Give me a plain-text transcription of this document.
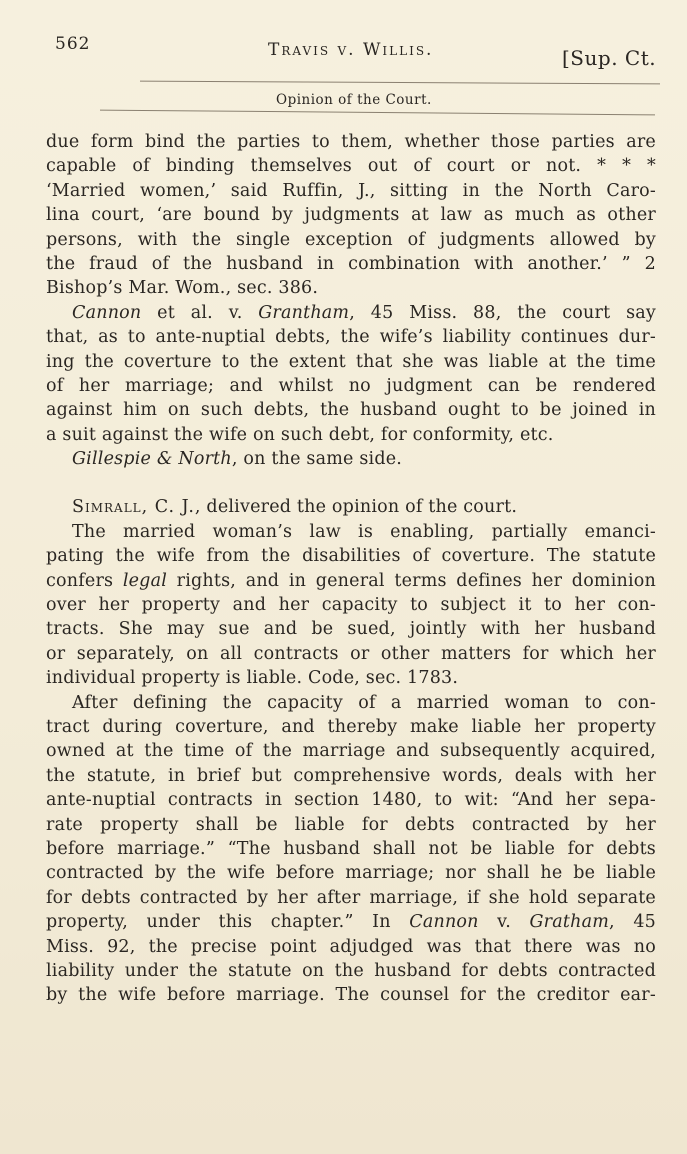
562	Travis v. Willis.	[Sup. Ct.
Opinion of the Court.
due form bind the parties to them, whether those parties are
capable of binding themselves out of court or not. * * *
‘Married women,’ said Ruffin, J., sitting in the North Caro-
lina court, ‘are bound by judgments at law as much as other
persons, with the single exception of judgments allowed by
the fraud of the husband in combination with another.’ ” 2
Bishop’s Mar. Wom., sec. 386.
Cannon et al. v. Grantham, 45 Miss. 88, the court say
that, as to ante-nuptial debts, the wife’s liability continues dur-
ing the coverture to the extent that she was liable at the time
of her marriage; and whilst no judgment can be rendered
against him on such debts, the husband ought to be joined in
a suit against the wife on such debt, for conformity, etc.
Gillespie & North, on the same side.
Simrall, C. J., delivered the opinion of the court.
The married woman’s law is enabling, partially emanci-
pating the wife from the disabilities of coverture. The statute
confers legal rights, and in general terms defines her dominion
over her property and her capacity to subject it to her con-
tracts. She may sue and be sued, jointly with her husband
or separately, on all contracts or other matters for which her
individual property is liable. Code, sec. 1783.
After defining the capacity of a married woman to con-
tract during coverture, and thereby make liable her property
owned at the time of the marriage and subsequently acquired,
the statute, in brief but comprehensive words, deals with her
ante-nuptial contracts in section 1480, to wit: “And her sepa-
rate property shall be liable for debts contracted by her
before marriage.” “The husband shall not be liable for debts
contracted by the wife before marriage; nor shall he be liable
for debts contracted by her after marriage, if she hold separate
property, under this chapter.” In Cannon v. Gratham, 45
Miss. 92, the precise point adjudged was that there was no
liability under the statute on the husband for debts contracted
by the wife before marriage. The counsel for the creditor ear-
